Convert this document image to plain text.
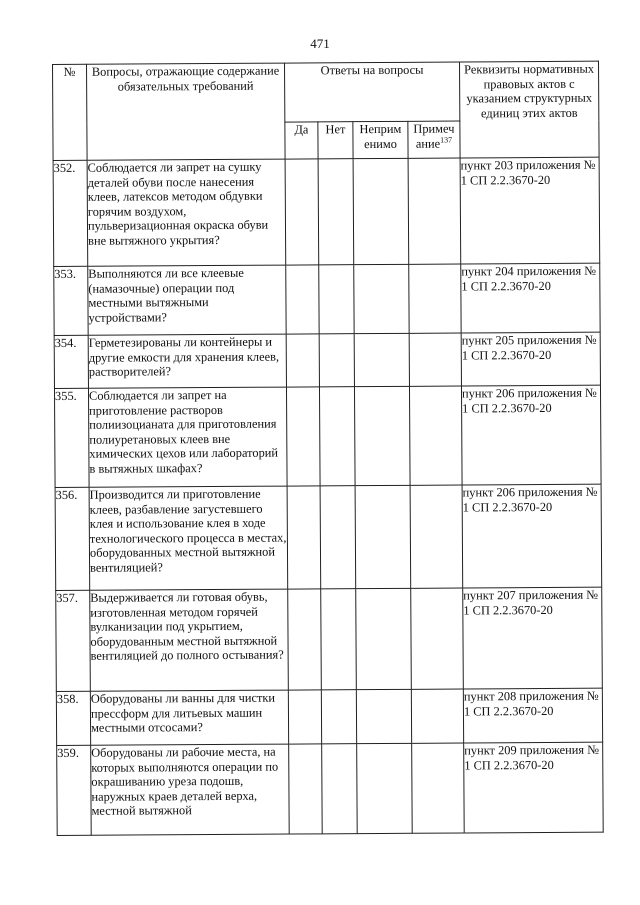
471
№	Вопросы, отражающие содержание обязательных требований	Ответы на вопросы				Реквизиты нормативных правовых актов с указанием структурных единиц этих актов
		Да	Нет	Неприм енимо	Примеч ание$^{137}$
352.	Соблюдается ли запрет на сушку деталей обуви после нанесения клеев, латексов методом обдувки горячим воздухом, пульверизационная окраска обуви вне вытяжного укрытия?					пункт 203 приложения № 1 СП 2.2.3670-20
353.	Выполняются ли все клеевые (намазочные) операции под местными вытяжными устройствами?					пункт 204 приложения № 1 СП 2.2.3670-20
354.	Герметезированы ли контейнеры и другие емкости для хранения клеев, растворителей?					пункт 205 приложения № 1 СП 2.2.3670-20
355.	Соблюдается ли запрет на приготовление растворов полиизоцианата для приготовления полиуретановых клеев вне химических цехов или лабораторий в вытяжных шкафах?					пункт 206 приложения № 1 СП 2.2.3670-20
356.	Производится ли приготовление клеев, разбавление загустевшего клея и использование клея в ходе технологического процесса в местах, оборудованных местной вытяжной вентиляцией?					пункт 206 приложения № 1 СП 2.2.3670-20
357.	Выдерживается ли готовая обувь, изготовленная методом горячей вулканизации под укрытием, оборудованным местной вытяжной вентиляцией до полного остывания?					пункт 207 приложения № 1 СП 2.2.3670-20
358.	Оборудованы ли ванны для чистки прессформ для литьевых машин местными отсосами?					пункт 208 приложения № 1 СП 2.2.3670-20
359.	Оборудованы ли рабочие места, на которых выполняются операции по окрашиванию уреза подошв, наружных краев деталей верха, местной вытяжной					пункт 209 приложения № 1 СП 2.2.3670-20
